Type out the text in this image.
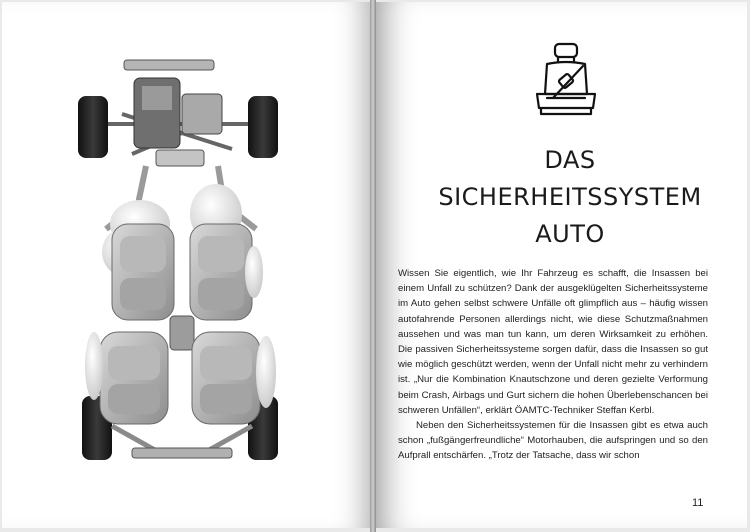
DAS
SICHERHEITSSYSTEM
AUTO

Wissen Sie eigentlich, wie Ihr Fahrzeug es schafft, die Insassen bei einem Unfall zu schützen? Dank der ausgeklügelten Sicherheitssysteme im Auto gehen selbst schwere Unfälle oft glimpflich aus – häufig wissen autofahrende Personen allerdings nicht, wie diese Schutzmaßnahmen aussehen und was man tun kann, um deren Wirksamkeit zu erhöhen. Die passiven Sicherheitssysteme sorgen dafür, dass die Insassen so gut wie möglich geschützt werden, wenn der Unfall nicht mehr zu verhindern ist. „Nur die Kombination Knautschzone und deren gezielte Verformung beim Crash, Airbags und Gurt sichern die hohen Überlebenschancen bei schweren Unfällen“, erklärt ÖAMTC-Techniker Steffan Kerbl.

Neben den Sicherheitssystemen für die Insassen gibt es etwa auch schon „fußgängerfreundliche“ Motorhauben, die aufspringen und so den Aufprall entschärfen. „Trotz der Tatsache, dass wir schon

11
